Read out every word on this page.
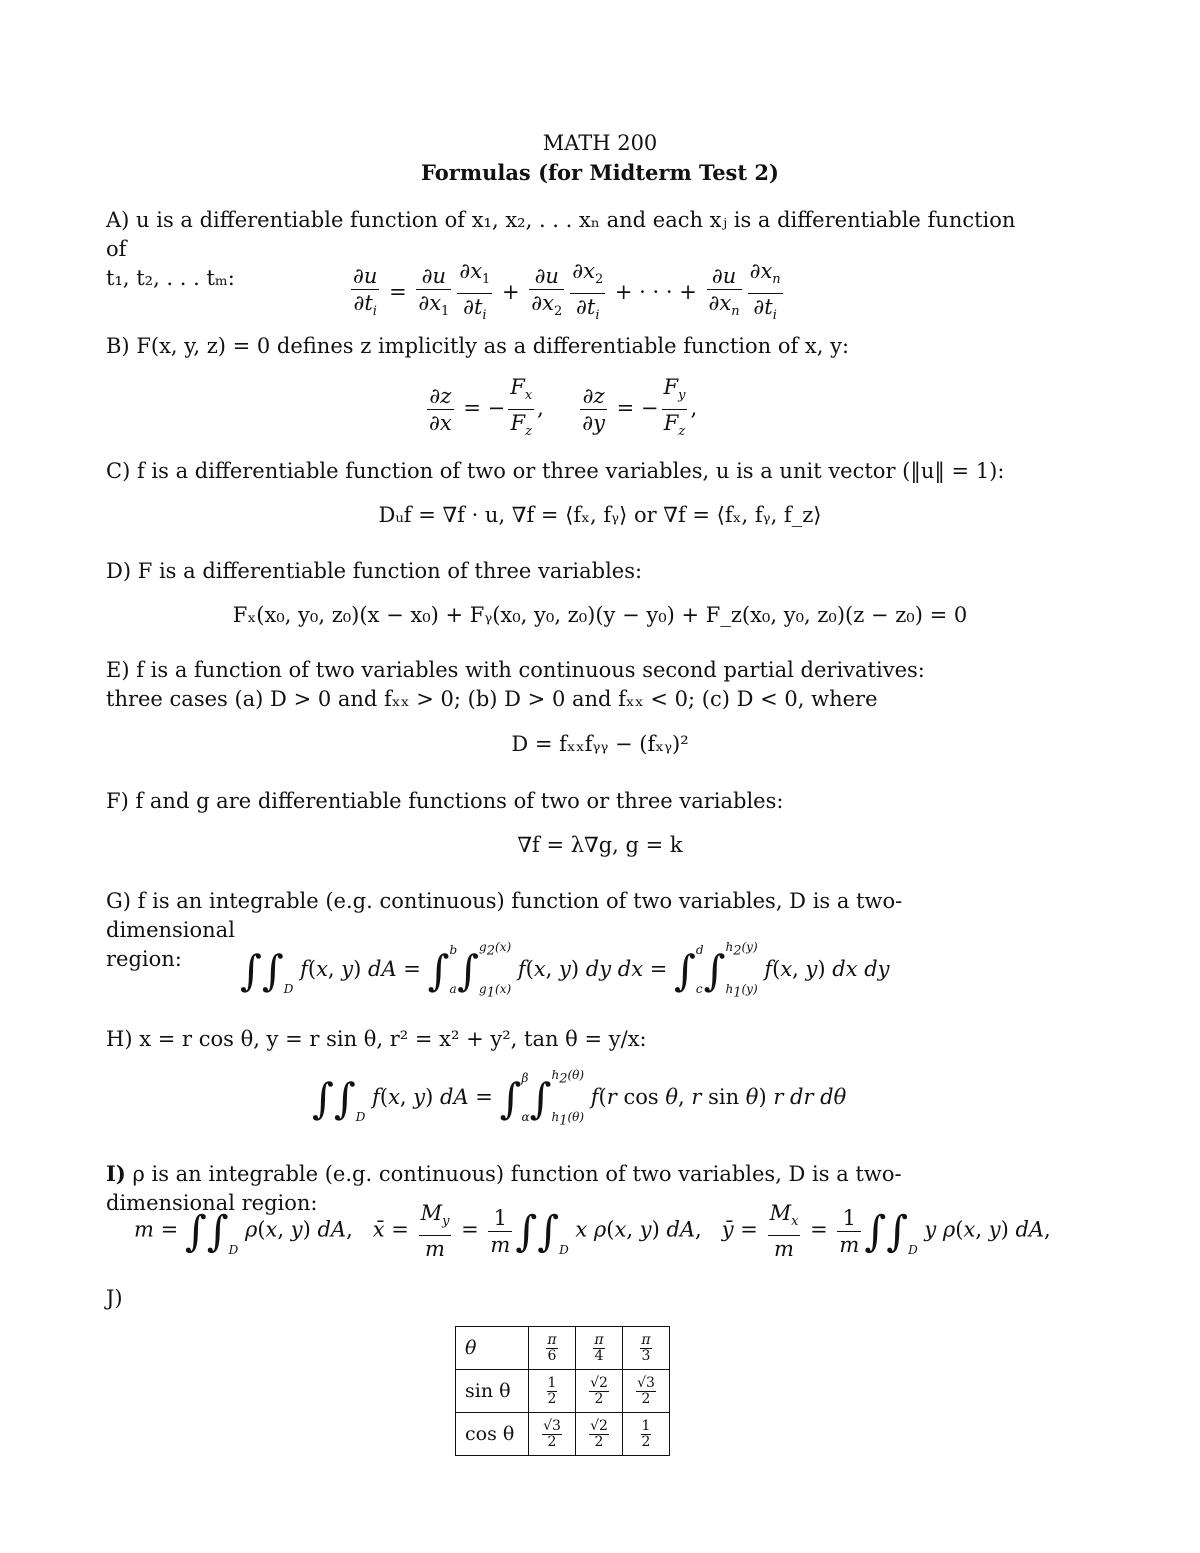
MATH 200
Formulas (for Midterm Test 2)
A) u is a differentiable function of x₁, x₂, . . . xₙ and each xⱼ is a differentiable function of
t₁, t₂, . . . tₘ:	$\frac{\partial u}{\partial t_i} = \frac{\partial u}{\partial x_1} \frac{\partial x_1}{\partial t_i} + \frac{\partial u}{\partial x_2} \frac{\partial x_2}{\partial t_i}$ + · · · + $\frac{\partial u}{\partial x_n} \frac{\partial x_n}{\partial t_i}$
B) F(x, y, z) = 0 defines z implicitly as a differentiable function of x, y:
$\frac{\partial z}{\partial x}$ = − $\frac{F_x}{F_z}$ , $\frac{\partial z}{\partial y}$ = − $\frac{F_y}{F_z}$ ,
C) f is a differentiable function of two or three variables, u is a unit vector (‖u‖ = 1):
Dᵤf = ∇f · u, ∇f = ⟨fₓ, fᵧ⟩ or ∇f = ⟨fₓ, fᵧ, f_z⟩
D) F is a differentiable function of three variables:
Fₓ(x₀, y₀, z₀)(x − x₀) + Fᵧ(x₀, y₀, z₀)(y − y₀) + F_z(x₀, y₀, z₀)(z − z₀) = 0
E) f is a function of two variables with continuous second partial derivatives:
three cases (a) D > 0 and fₓₓ > 0; (b) D > 0 and fₓₓ < 0; (c) D < 0, where
D = fₓₓfᵧᵧ − (fₓᵧ)²
F) f and g are differentiable functions of two or three variables:
∇f = λ∇g, g = k
G) f is an integrable (e.g. continuous) function of two variables, D is a two-dimensional
region:	∫∫
D
f(x, y) dA = ∫ b
a ∫ $g_2(x)$
$g_1(x)$
f(x, y) dy dx = ∫ d
c ∫ $h_2(y)$
$h_1(y)$
f(x, y) dx dy
H) x = r cos θ, y = r sin θ, r² = x² + y², tan θ = y/x:
∫∫
D
f(x, y) dA = ∫ β
α ∫ $h_2(\theta)$
$h_1(\theta)$
f(r cos θ, r sin θ) r dr dθ
I) ρ is an integrable (e.g. continuous) function of two variables, D is a two-dimensional region:
m = ∫∫
D
ρ(x, y) dA,   x̄ = $\frac{M_y}{m} = \frac{1}{m}$ ∫∫
D
x ρ(x, y) dA,   ȳ = $\frac{M_x}{m} = \frac{1}{m}$ ∫∫
D
y ρ(x, y) dA,
J)
θ	$\frac{\pi}{6}$	$\frac{\pi}{4}$	$\frac{\pi}{3}$

sin θ	$\frac{1}{2}$	$\frac{√2}{2}$	$\frac{√3}{2}$

cos θ	$\frac{√3}{2}$	$\frac{√2}{2}$	$\frac{1}{2}$
